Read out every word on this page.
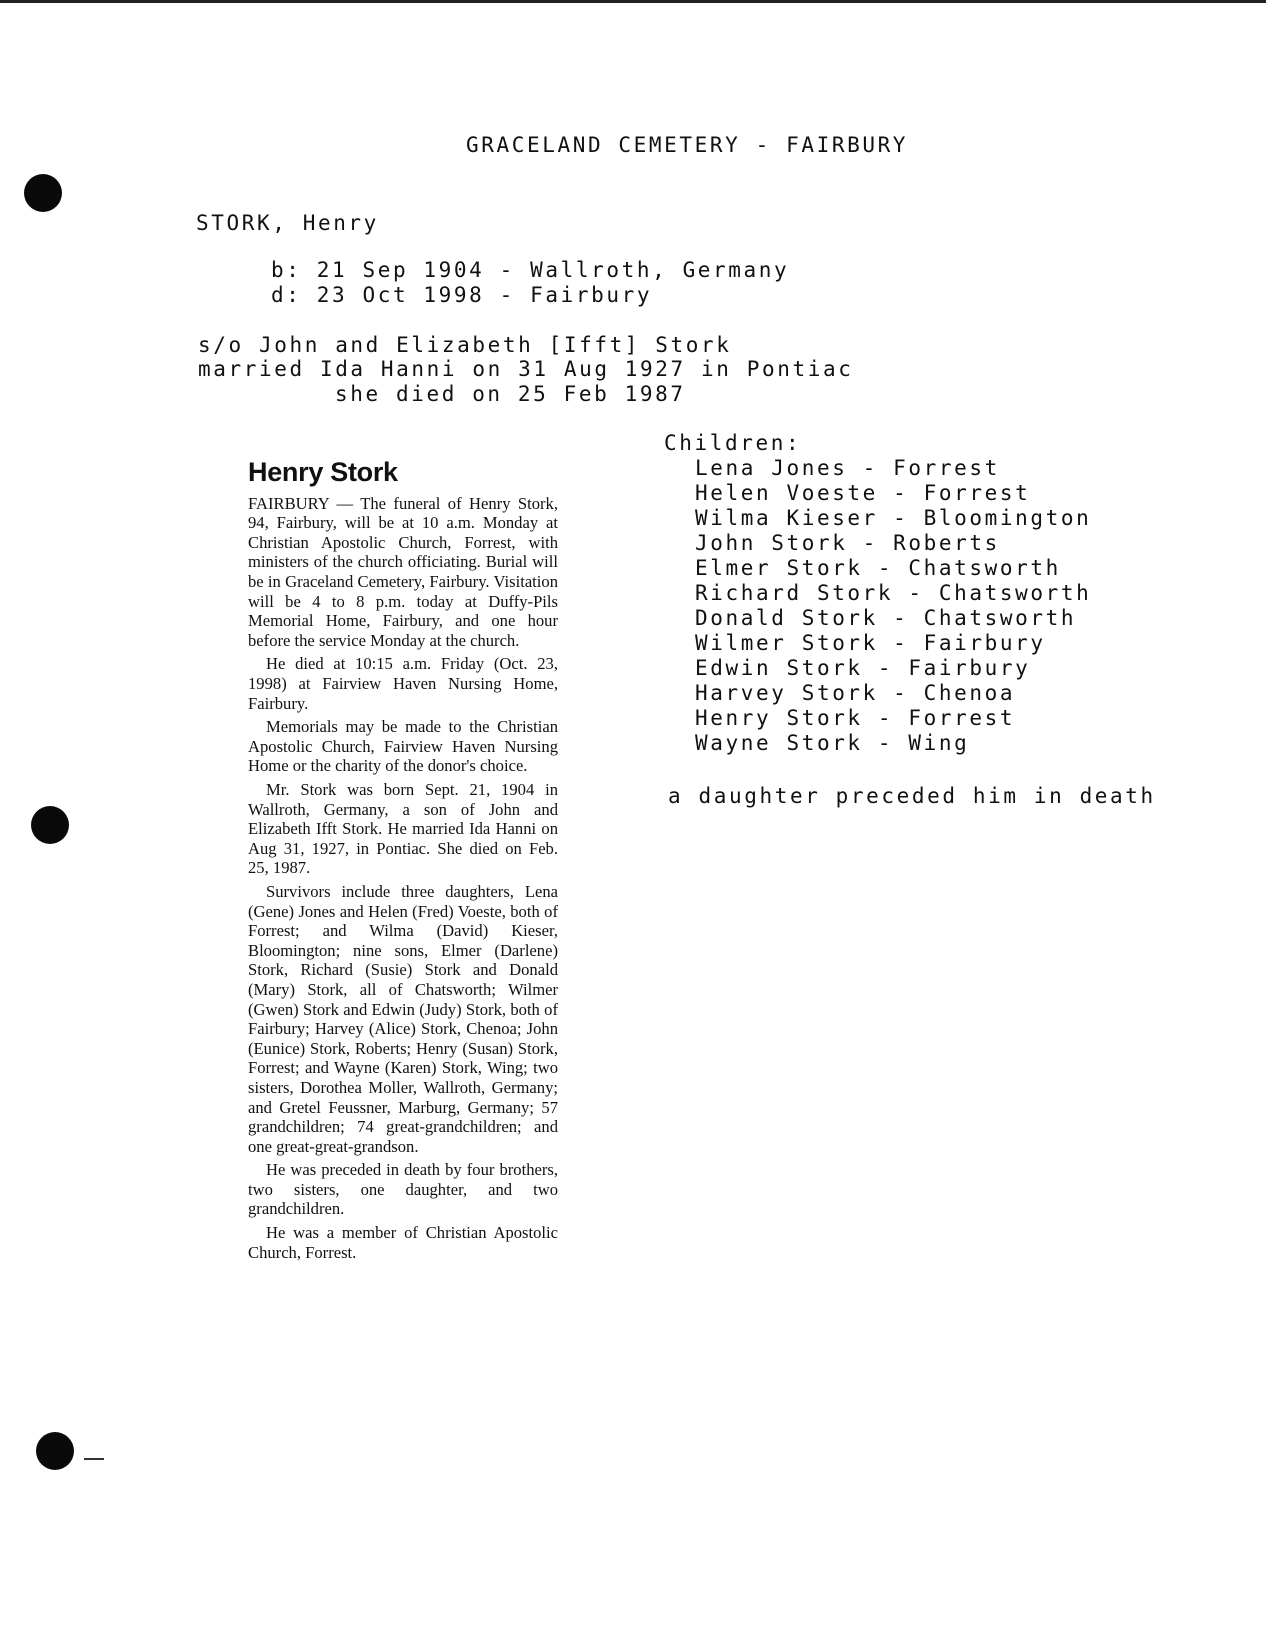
GRACELAND CEMETERY - FAIRBURY
STORK, Henry
b: 21 Sep 1904 - Wallroth, Germany
d: 23 Oct 1998 - Fairbury
s/o John and Elizabeth [Ifft] Stork
married Ida Hanni on 31 Aug 1927 in Pontiac
she died on 25 Feb 1987
Children:
Lena Jones - Forrest
Helen Voeste - Forrest
Wilma Kieser - Bloomington
John Stork - Roberts
Elmer Stork - Chatsworth
Richard Stork - Chatsworth
Donald Stork - Chatsworth
Wilmer Stork - Fairbury
Edwin Stork - Fairbury
Harvey Stork - Chenoa
Henry Stork - Forrest
Wayne Stork - Wing
a daughter preceded him in death
Henry Stork

FAIRBURY — The funeral of Henry Stork, 94, Fairbury, will be at 10 a.m. Monday at Christian Apostolic Church, Forrest, with ministers of the church officiating. Burial will be in Graceland Cemetery, Fairbury. Visitation will be 4 to 8 p.m. today at Duffy-Pils Memorial Home, Fairbury, and one hour before the service Monday at the church.

He died at 10:15 a.m. Friday (Oct. 23, 1998) at Fairview Haven Nursing Home, Fairbury.

Memorials may be made to the Christian Apostolic Church, Fairview Haven Nursing Home or the charity of the donor's choice.

Mr. Stork was born Sept. 21, 1904 in Wallroth, Germany, a son of John and Elizabeth Ifft Stork. He married Ida Hanni on Aug 31, 1927, in Pontiac. She died on Feb. 25, 1987.

Survivors include three daughters, Lena (Gene) Jones and Helen (Fred) Voeste, both of Forrest; and Wilma (David) Kieser, Bloomington; nine sons, Elmer (Darlene) Stork, Richard (Susie) Stork and Donald (Mary) Stork, all of Chatsworth; Wilmer (Gwen) Stork and Edwin (Judy) Stork, both of Fairbury; Harvey (Alice) Stork, Chenoa; John (Eunice) Stork, Roberts; Henry (Susan) Stork, Forrest; and Wayne (Karen) Stork, Wing; two sisters, Dorothea Moller, Wallroth, Germany; and Gretel Feussner, Marburg, Germany; 57 grandchildren; 74 great-grandchildren; and one great-great-grandson.

He was preceded in death by four brothers, two sisters, one daughter, and two grandchildren.

He was a member of Christian Apostolic Church, Forrest.
